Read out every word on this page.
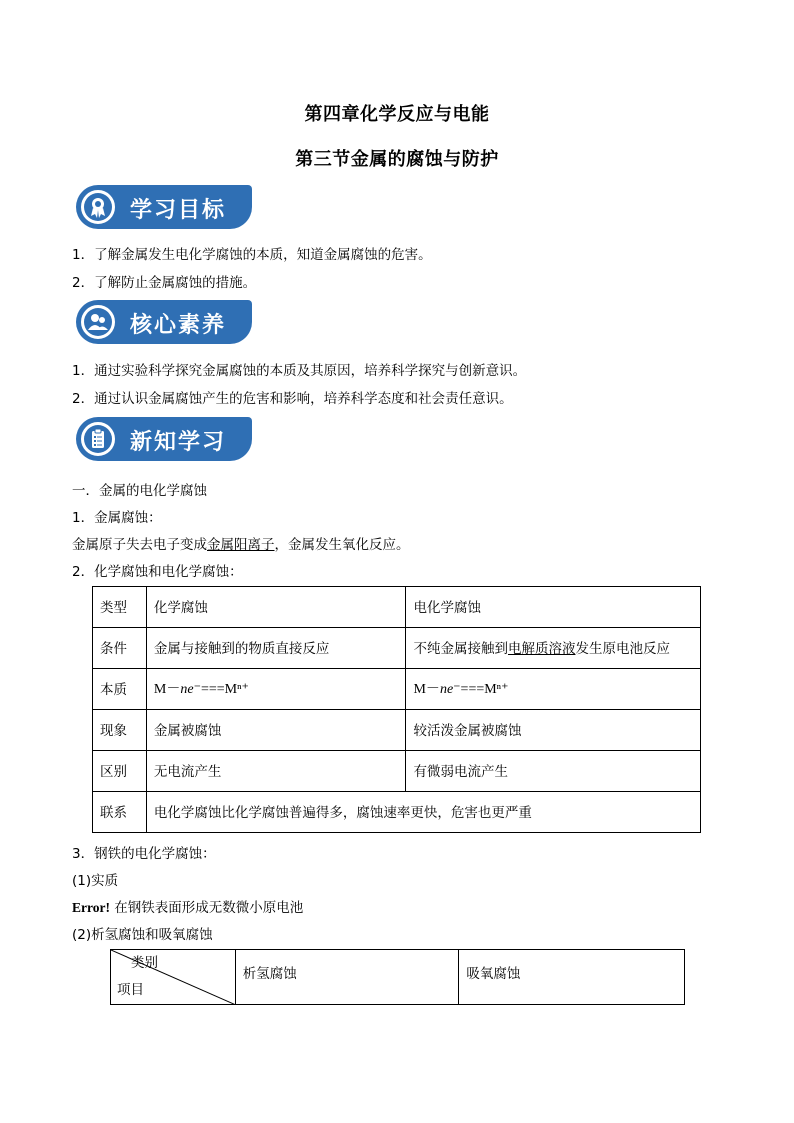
第四章化学反应与电能
第三节金属的腐蚀与防护
学习目标
1．了解金属发生电化学腐蚀的本质，知道金属腐蚀的危害。
2．了解防止金属腐蚀的措施。
核心素养
1．通过实验科学探究金属腐蚀的本质及其原因，培养科学探究与创新意识。
2．通过认识金属腐蚀产生的危害和影响，培养科学态度和社会责任意识。
新知学习
一．金属的电化学腐蚀
1．金属腐蚀：
金属原子失去电子变成金属阳离子，金属发生氧化反应。
2．化学腐蚀和电化学腐蚀：
类型	化学腐蚀	电化学腐蚀
条件	金属与接触到的物质直接反应	不纯金属接触到电解质溶液发生原电池反应
本质	M－ne⁻===Mⁿ⁺	M－ne⁻===Mⁿ⁺
现象	金属被腐蚀	较活泼金属被腐蚀
区别	无电流产生	有微弱电流产生
联系	电化学腐蚀比化学腐蚀普遍得多，腐蚀速率更快，危害也更严重	
3．钢铁的电化学腐蚀：
(1)实质
Error! 在钢铁表面形成无数微小原电池
(2)析氢腐蚀和吸氧腐蚀
类别
项目
	析氢腐蚀	吸氧腐蚀
